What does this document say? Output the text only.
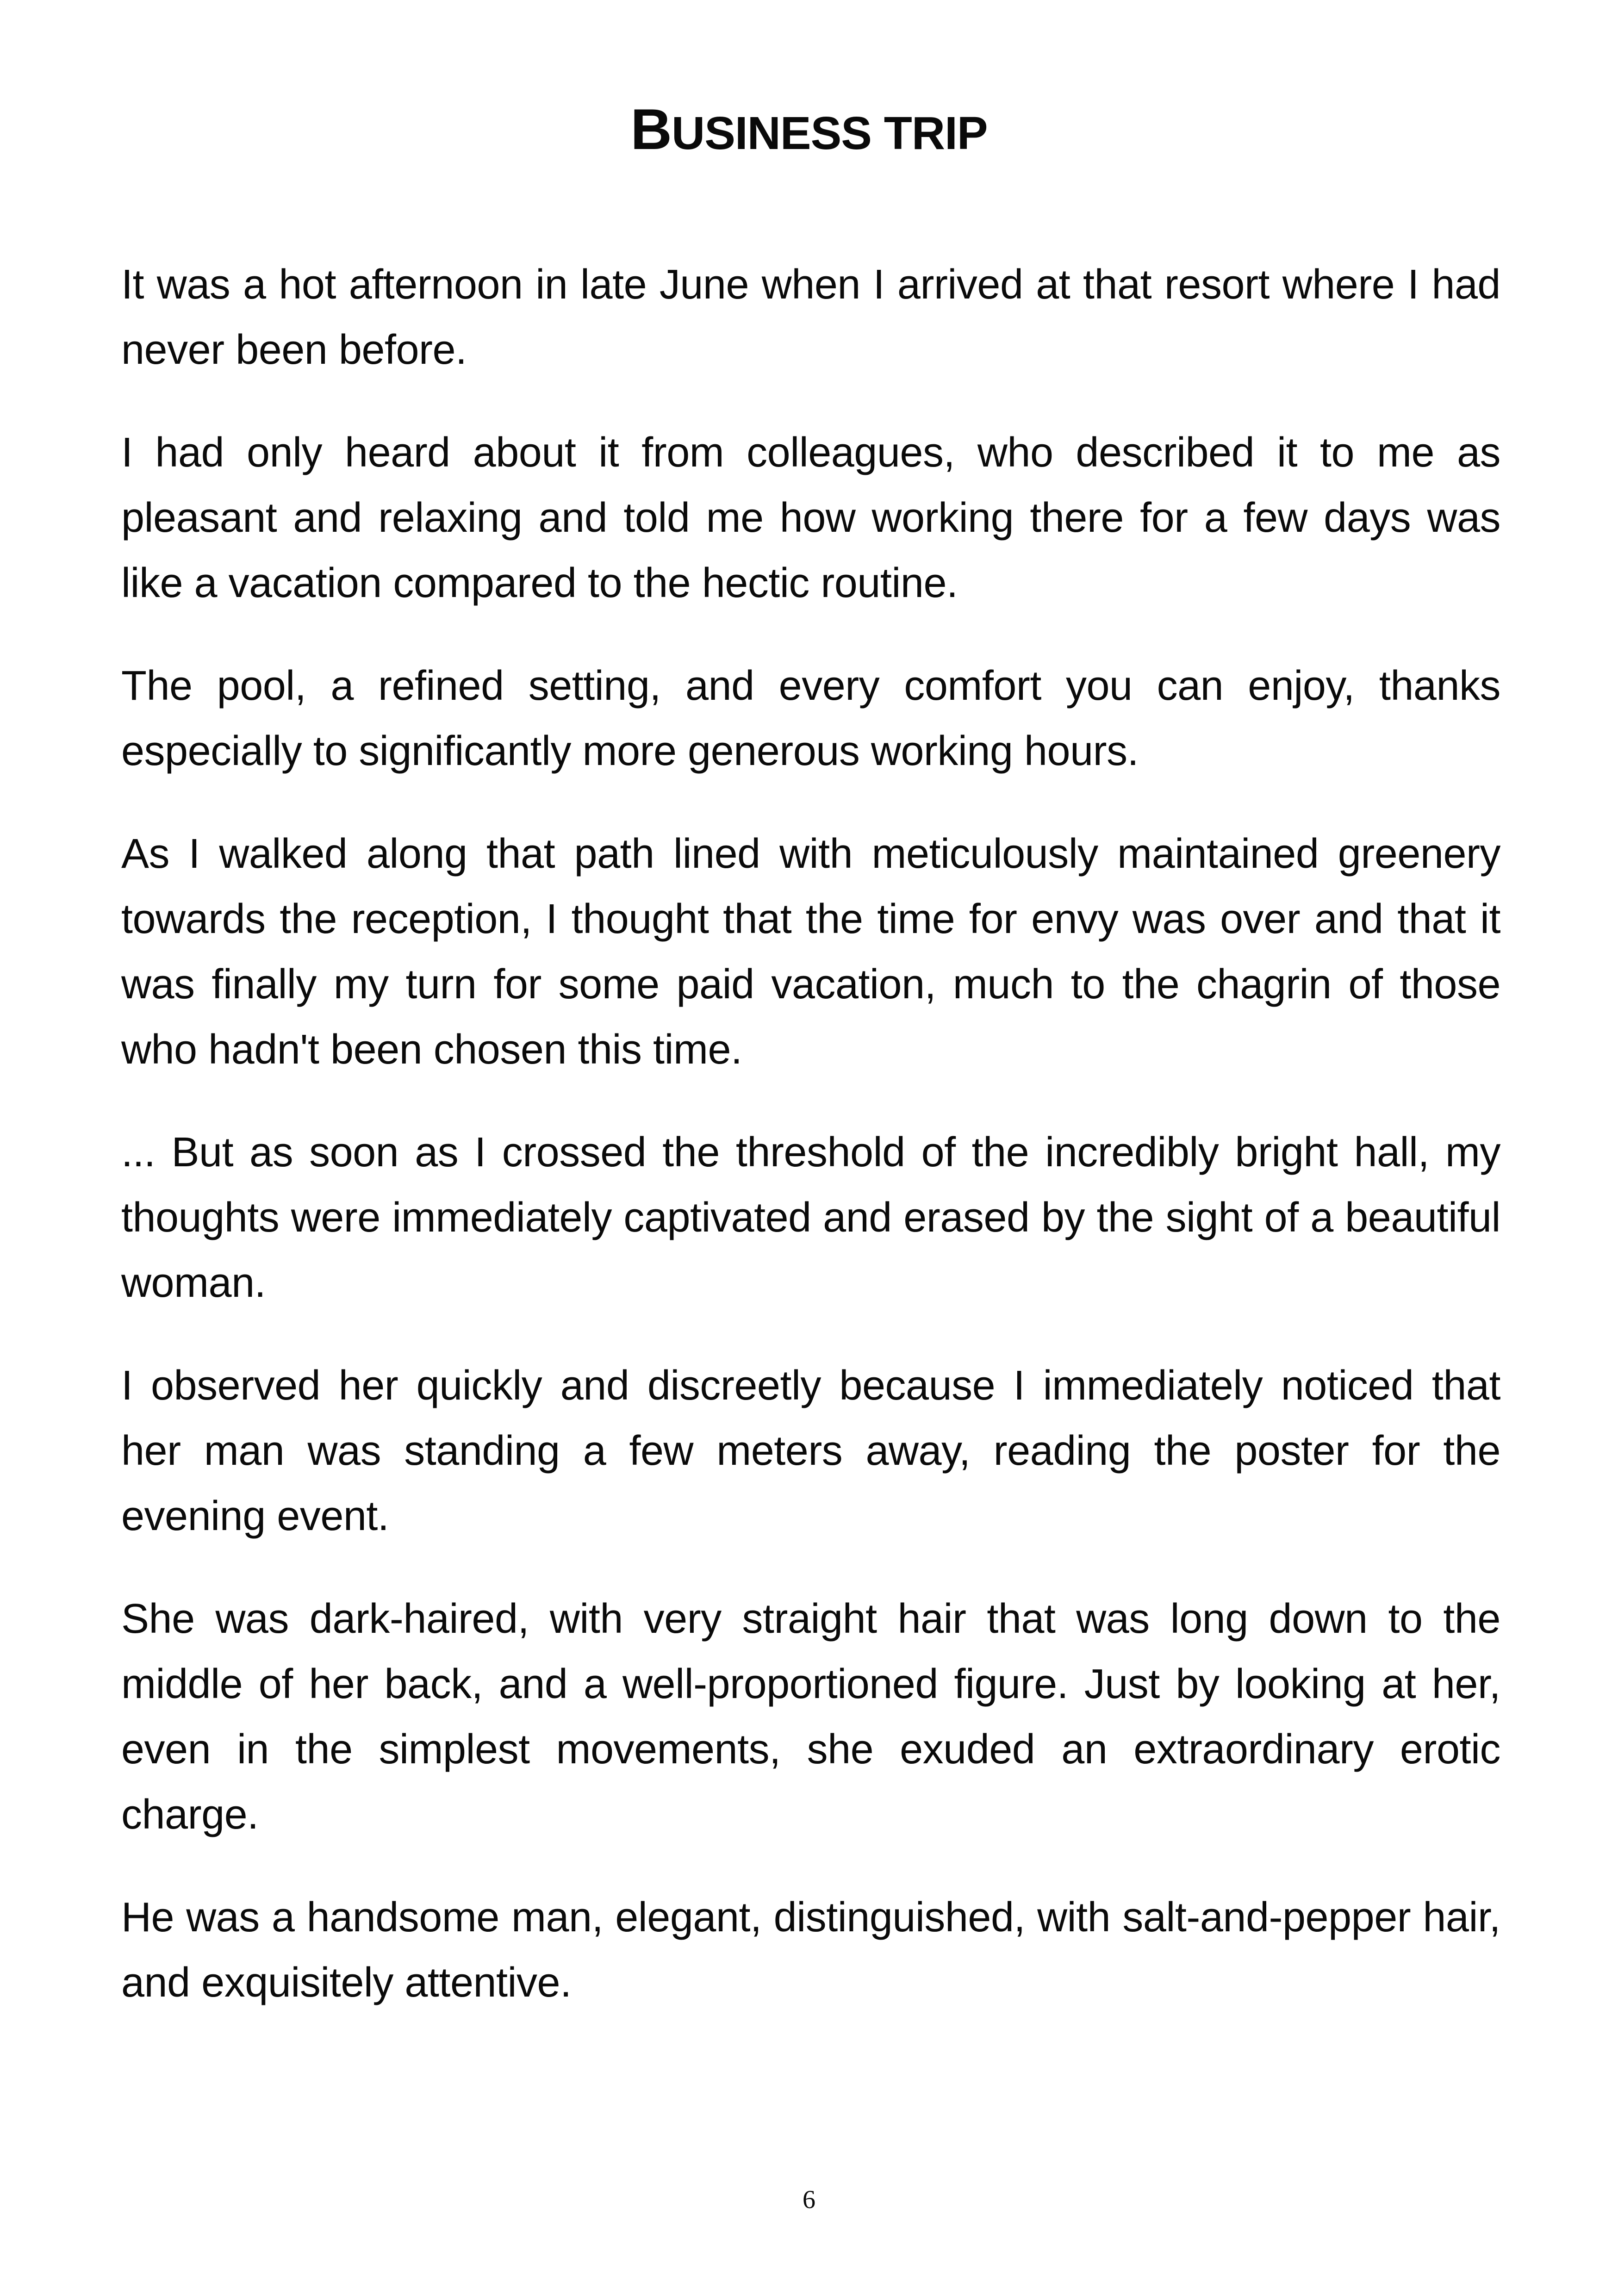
BUSINESS TRIP

It was a hot afternoon in late June when I arrived at that resort where I had never been before.

I had only heard about it from colleagues, who described it to me as pleasant and relaxing and told me how working there for a few days was like a vacation compared to the hectic routine.

The pool, a refined setting, and every comfort you can enjoy, thanks especially to significantly more generous working hours.

As I walked along that path lined with meticulously maintained greenery towards the reception, I thought that the time for envy was over and that it was finally my turn for some paid vacation, much to the chagrin of those who hadn't been chosen this time.

... But as soon as I crossed the threshold of the incredibly bright hall, my thoughts were immediately captivated and erased by the sight of a beautiful woman.

I observed her quickly and discreetly because I immediately noticed that her man was standing a few meters away, reading the poster for the evening event.

She was dark-haired, with very straight hair that was long down to the middle of her back, and a well-proportioned figure. Just by looking at her, even in the simplest movements, she exuded an extraordinary erotic charge.

He was a handsome man, elegant, distinguished, with salt-and-pepper hair, and exquisitely attentive.

6
